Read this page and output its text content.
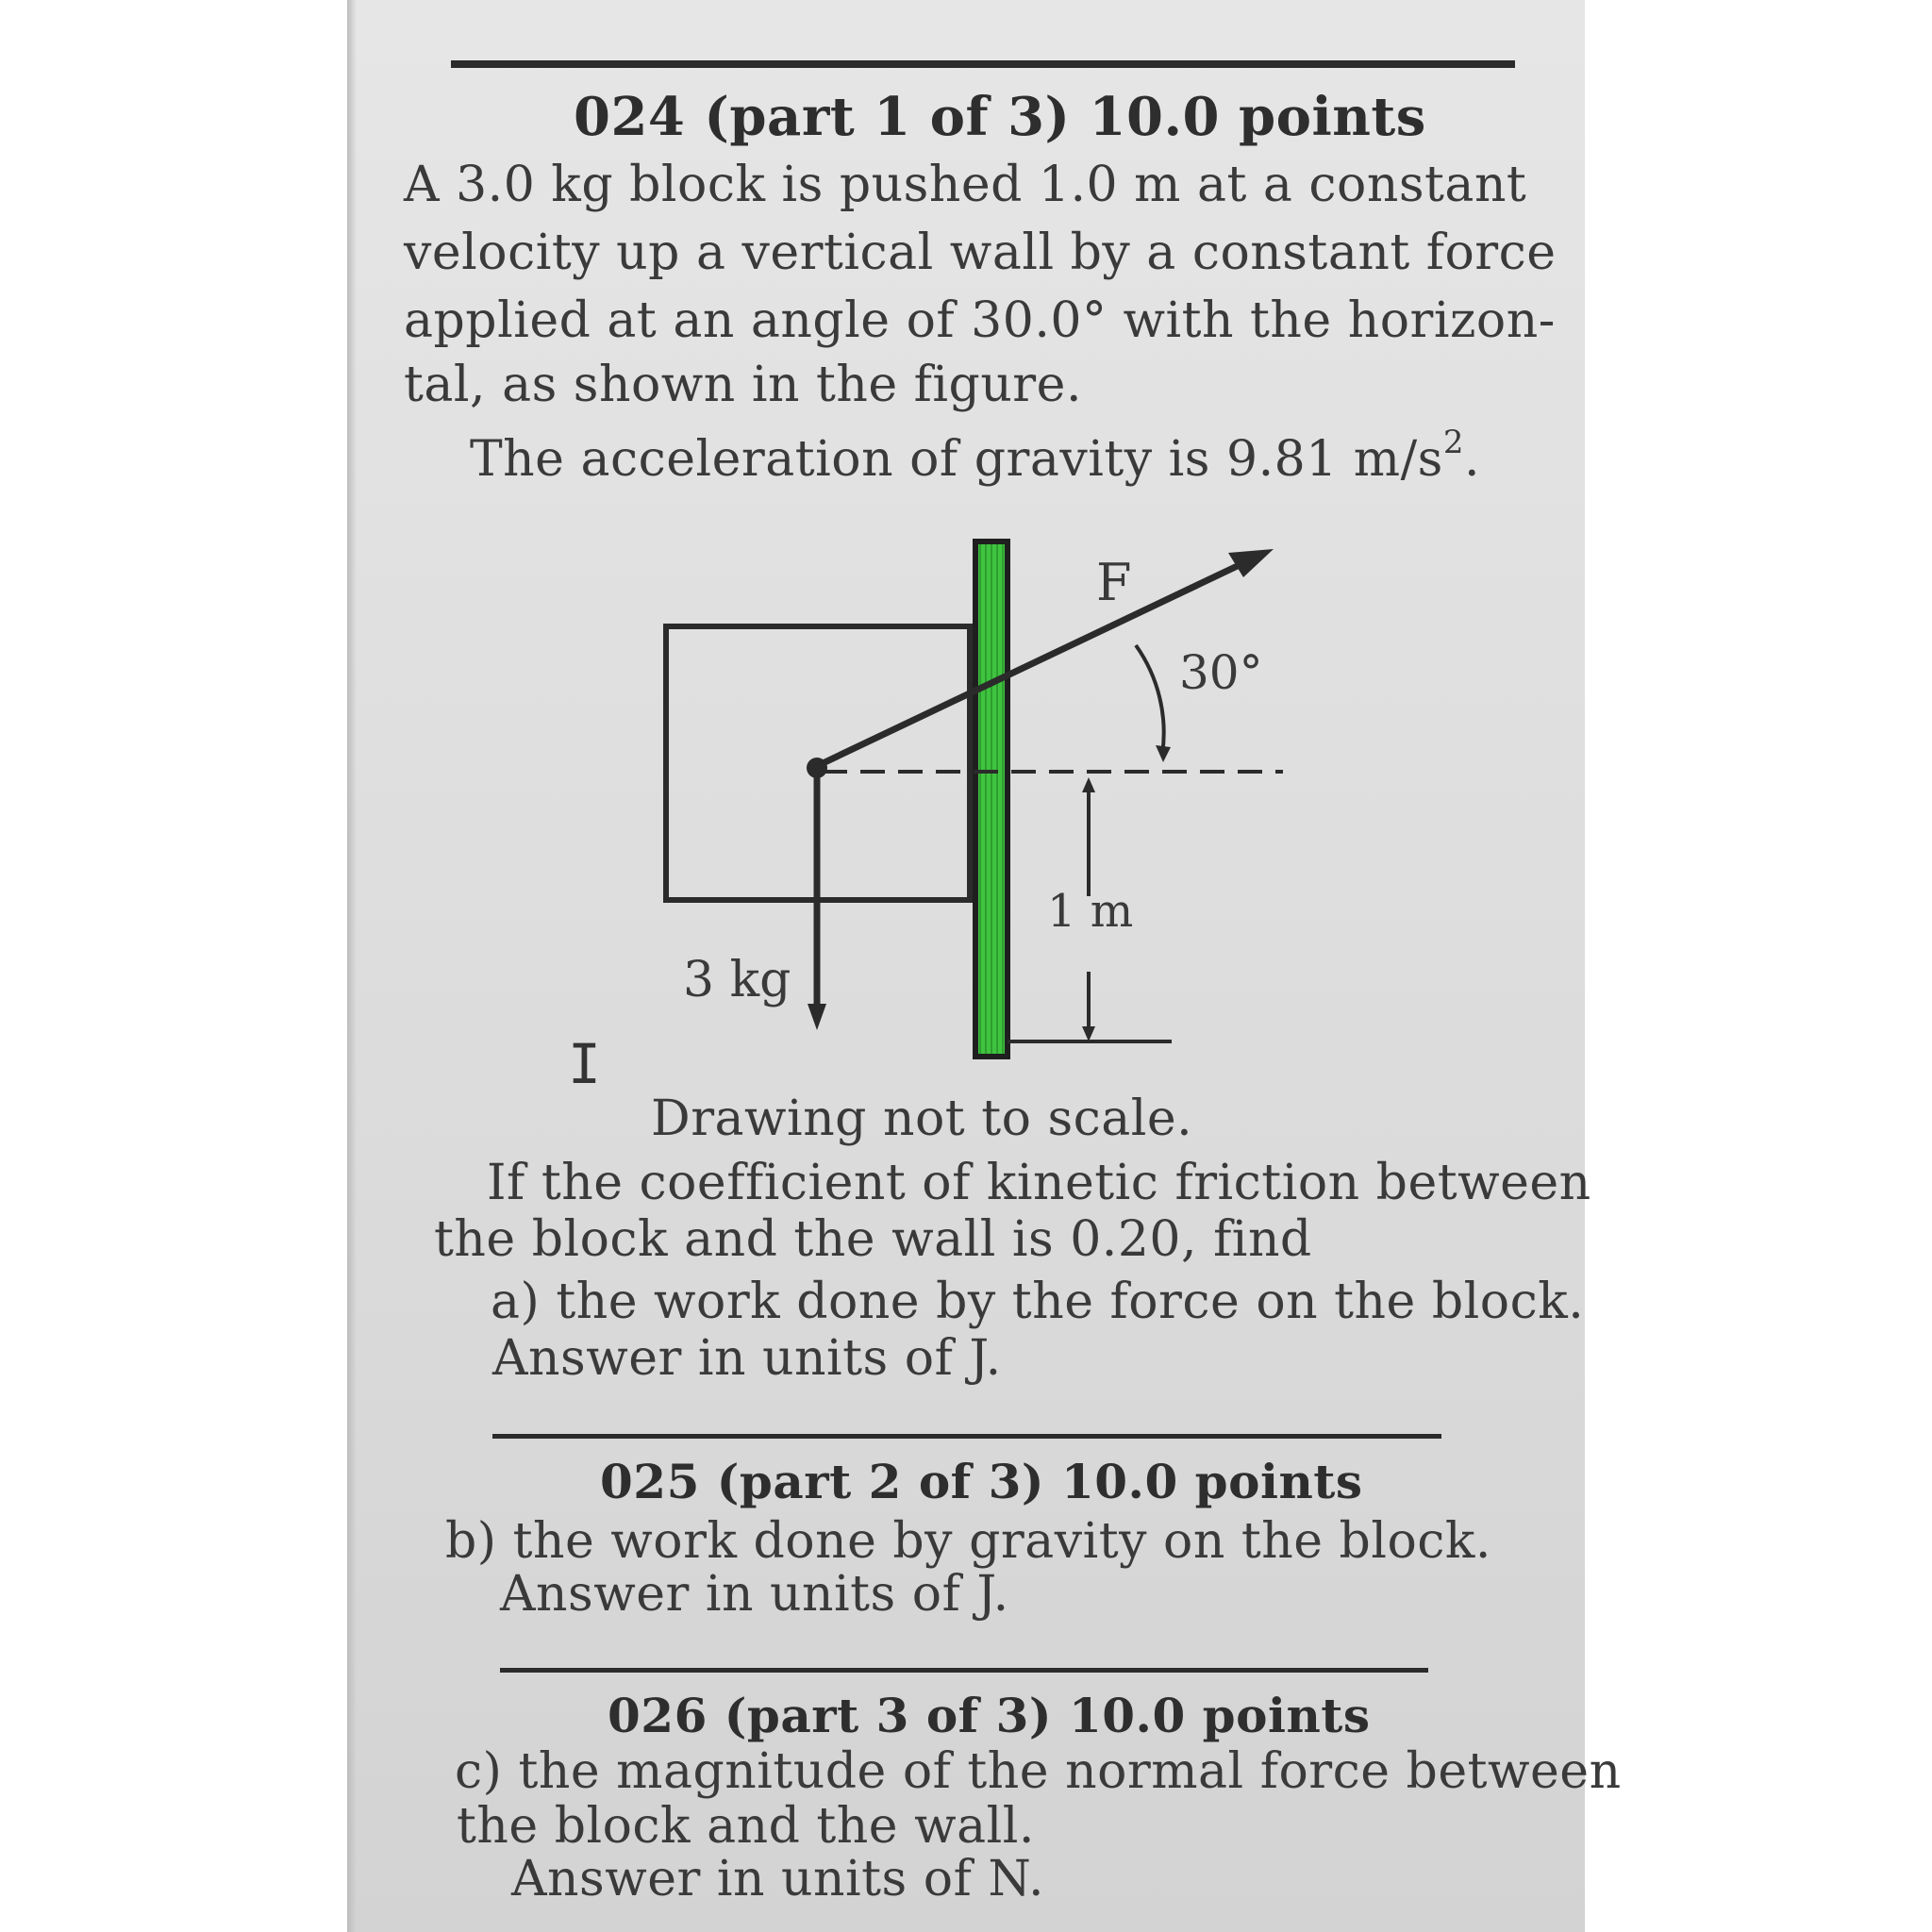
024 (part 1 of 3) 10.0 points
A 3.0 kg block is pushed 1.0 m at a constant
velocity up a vertical wall by a constant force
applied at an angle of 30.0° with the horizon-
tal, as shown in the figure.
The acceleration of gravity is 9.81 $m/s^2$.
F
30°
1 m
3 kg
I
Drawing not to scale.
If the coefficient of kinetic friction between
the block and the wall is 0.20, find
a) the work done by the force on the block.
Answer in units of J.
025 (part 2 of 3) 10.0 points
b) the work done by gravity on the block.
Answer in units of J.
026 (part 3 of 3) 10.0 points
c) the magnitude of the normal force between
the block and the wall.
Answer in units of N.
